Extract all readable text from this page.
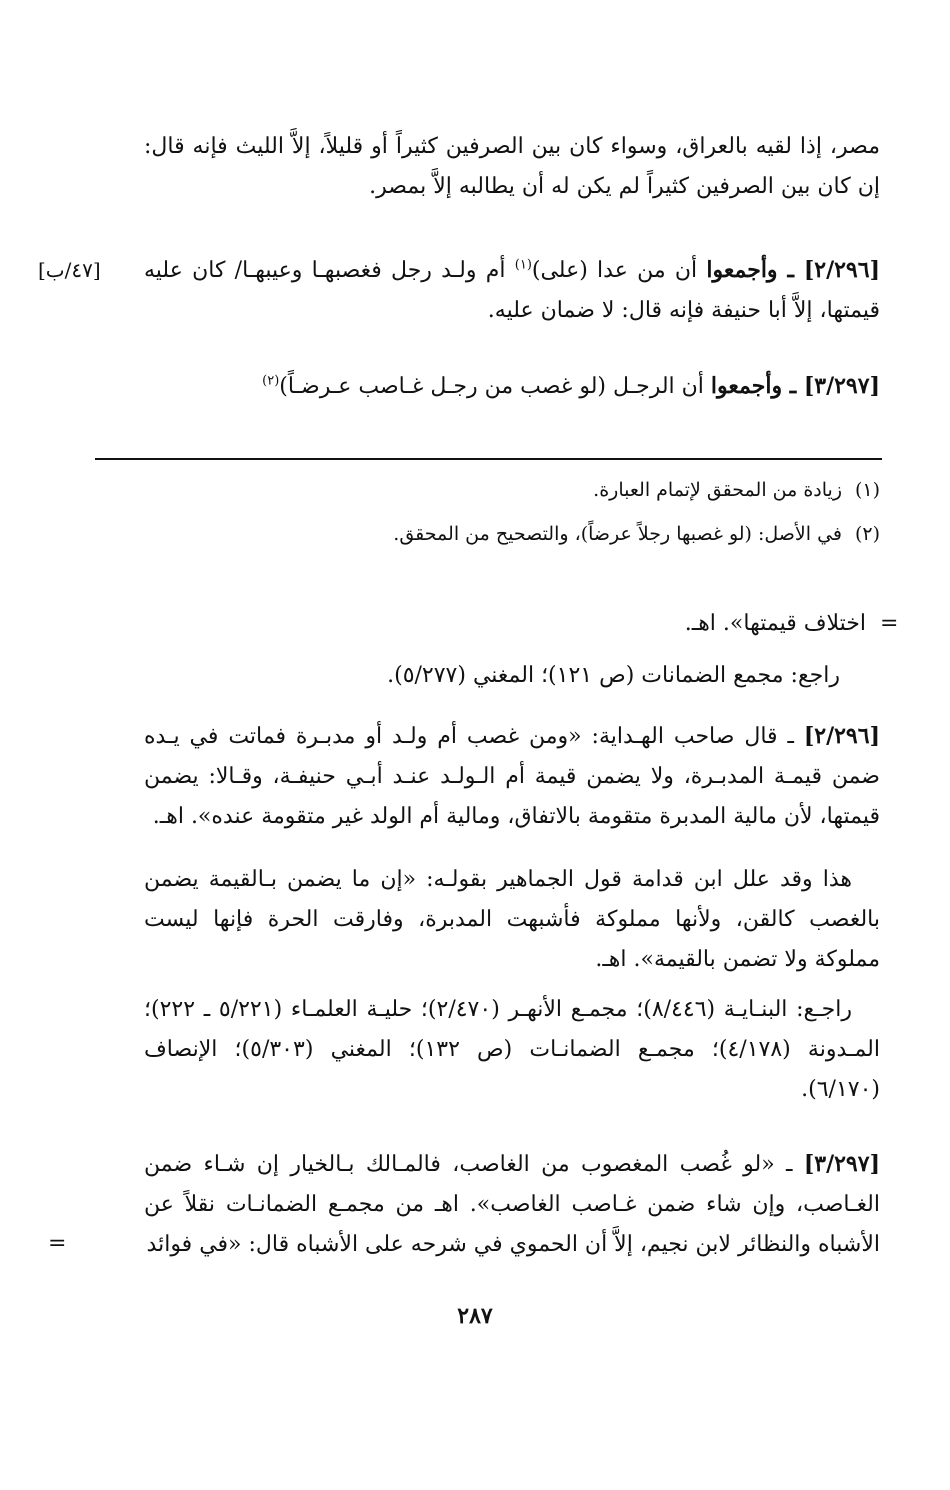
مصر، إذا لقيه بالعراق، وسواء كان بين الصرفين كثيراً أو قليلاً، إلاَّ الليث فإنه قال: إن كان بين الصرفين كثيراً لم يكن له أن يطالبه إلاَّ بمصر.
[٢/٢٩٦] ـ وأجمعوا أن من عدا (على)$^{(١)}$ أم ولـد رجل فغصبهـا وعيبهـا/ كان عليه قيمتها، إلاَّ أبا حنيفة فإنه قال: لا ضمان عليه.
[٤٧/ب]
[٣/٢٩٧] ـ وأجمعوا أن الرجـل (لو غصب من رجـل غـاصب عـرضـاً)$^{(٢)}$
(١)زيادة من المحقق لإتمام العبارة.
(٢)في الأصل: (لو غصبها رجلاً عرضاً)، والتصحيح من المحقق.
=
اختلاف قيمتها». اهـ.
راجع: مجمع الضمانات (ص ١٢١)؛ المغني (٥/٢٧٧).
[٢/٢٩٦] ـ قال صاحب الهـداية: «ومن غصب أم ولـد أو مدبـرة فماتت في يـده ضمن قيمـة المدبـرة، ولا يضمن قيمة أم الـولـد عنـد أبـي حنيفـة، وقـالا: يضمن قيمتها، لأن مالية المدبرة متقومة بالاتفاق، ومالية أم الولد غير متقومة عنده». اهـ.
هذا وقد علل ابن قدامة قول الجماهير بقولـه: «إن ما يضمن بـالقيمة يضمن بالغصب كالقن، ولأنها مملوكة فأشبهت المدبرة، وفارقت الحرة فإنها ليست مملوكة ولا تضمن بالقيمة». اهـ.
راجـع: البنـايـة (٨/٤٤٦)؛ مجمـع الأنهـر (٢/٤٧٠)؛ حليـة العلمـاء (٥/٢٢١ ـ ٢٢٢)؛ المـدونة (٤/١٧٨)؛ مجمـع الضمانـات (ص ١٣٢)؛ المغني (٥/٣٠٣)؛ الإنصاف (٦/١٧٠).
[٣/٢٩٧] ـ «لو غُصب المغصوب من الغاصب، فالمـالك بـالخيار إن شـاء ضمن الغـاصب، وإن شاء ضمن غـاصب الغاصب». اهـ من مجمـع الضمانـات نقلاً عن الأشباه والنظائر لابن نجيم، إلاَّ أن الحموي في شرحه على الأشباه قال: «في فوائد
=
٢٨٧
